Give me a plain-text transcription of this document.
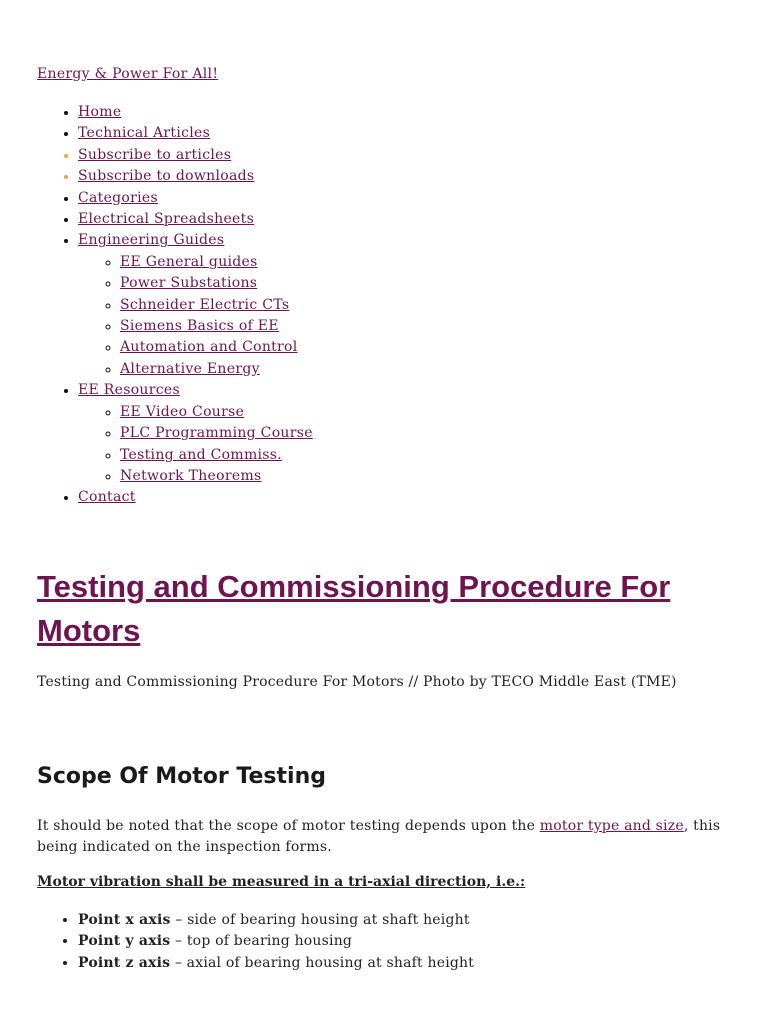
Energy & Power For All!
• Home
• Technical Articles
• Subscribe to articles
• Subscribe to downloads
• Categories
• Electrical Spreadsheets
• Engineering Guides
◦ EE General guides
◦ Power Substations
◦ Schneider Electric CTs
◦ Siemens Basics of EE
◦ Automation and Control
◦ Alternative Energy
• EE Resources
◦ EE Video Course
◦ PLC Programming Course
◦ Testing and Commiss.
◦ Network Theorems
• Contact
Testing and Commissioning Procedure For Motors

Testing and Commissioning Procedure For Motors // Photo by TECO Middle East (TME)

Scope Of Motor Testing

It should be noted that the scope of motor testing depends upon the motor type and size, this being indicated on the inspection forms.

Motor vibration shall be measured in a tri-axial direction, i.e.:

• Point x axis – side of bearing housing at shaft height
• Point y axis – top of bearing housing
• Point z axis – axial of bearing housing at shaft height
